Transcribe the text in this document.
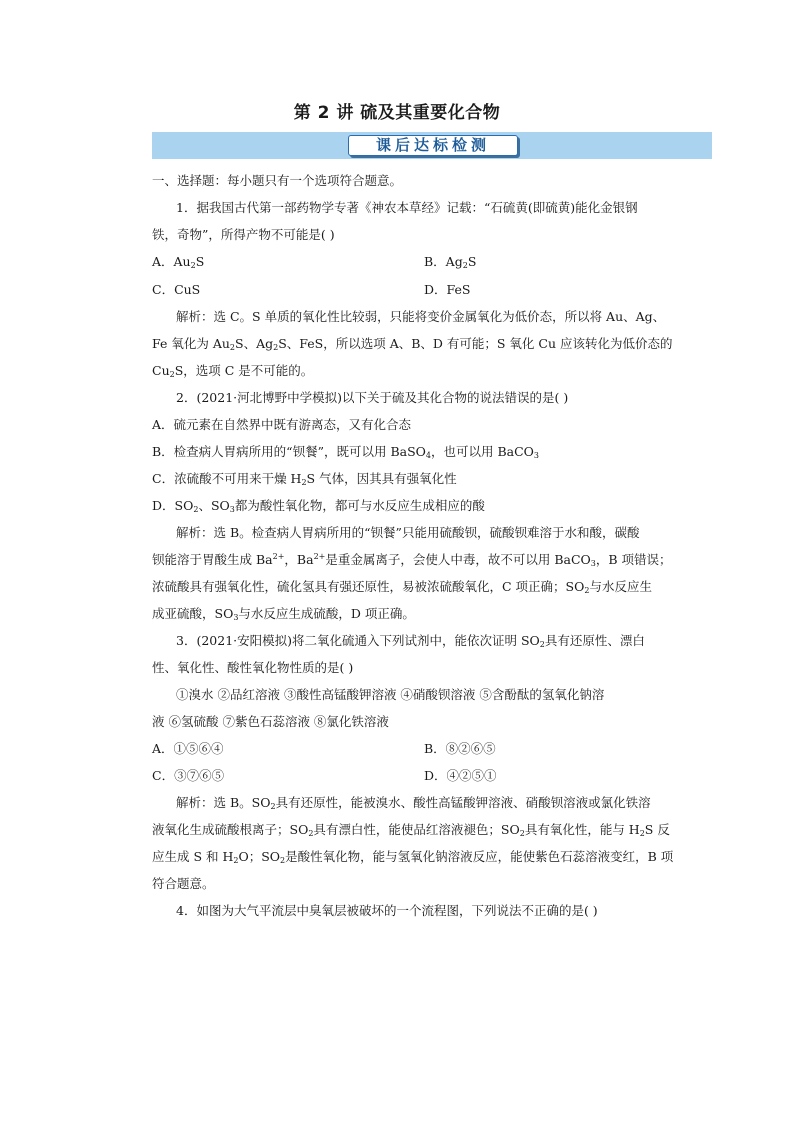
第 2 讲 硫及其重要化合物
课后达标检测
一、选择题：每小题只有一个选项符合题意。
1．据我国古代第一部药物学专著《神农本草经》记载：“石硫黄(即硫黄)能化金银钢
铁，奇物”，所得产物不可能是( )
A．$Au_2S$	B．$Ag_2S$
C．CuS	D．FeS
解析：选 C。S 单质的氧化性比较弱，只能将变价金属氧化为低价态，所以将 Au、Ag、
Fe 氧化为 $Au_2S$、$Ag_2S$、FeS，所以选项 A、B、D 有可能；S 氧化 Cu 应该转化为低价态的
$Cu_2S$，选项 C 是不可能的。
2．(2021·河北博野中学模拟)以下关于硫及其化合物的说法错误的是( )
A．硫元素在自然界中既有游离态，又有化合态
B．检查病人胃病所用的“钡餐”，既可以用 BaSO$_4$，也可以用 BaCO$_3$
C．浓硫酸不可用来干燥 $H_2S$ 气体，因其具有强氧化性
D．$SO_2$、$SO_3$都为酸性氧化物，都可与水反应生成相应的酸
解析：选 B。检查病人胃病所用的“钡餐”只能用硫酸钡，硫酸钡难溶于水和酸，碳酸
钡能溶于胃酸生成 $Ba^{2+}$，$Ba^{2+}$是重金属离子，会使人中毒，故不可以用 BaCO$_3$，B 项错误；
浓硫酸具有强氧化性，硫化氢具有强还原性，易被浓硫酸氧化，C 项正确；$SO_2$与水反应生
成亚硫酸，$SO_3$与水反应生成硫酸，D 项正确。
3．(2021·安阳模拟)将二氧化硫通入下列试剂中，能依次证明 $SO_2$具有还原性、漂白
性、氧化性、酸性氧化物性质的是( )
①溴水 ②品红溶液 ③酸性高锰酸钾溶液 ④硝酸钡溶液 ⑤含酚酞的氢氧化钠溶
液 ⑥氢硫酸 ⑦紫色石蕊溶液 ⑧氯化铁溶液
A．①⑤⑥④	B．⑧②⑥⑤
C．③⑦⑥⑤	D．④②⑤①
解析：选 B。$SO_2$具有还原性，能被溴水、酸性高锰酸钾溶液、硝酸钡溶液或氯化铁溶
液氧化生成硫酸根离子；$SO_2$具有漂白性，能使品红溶液褪色；$SO_2$具有氧化性，能与 $H_2S$ 反
应生成 S 和 $H_2O$；$SO_2$是酸性氧化物，能与氢氧化钠溶液反应，能使紫色石蕊溶液变红，B 项
符合题意。
4．如图为大气平流层中臭氧层被破坏的一个流程图，下列说法不正确的是( )
